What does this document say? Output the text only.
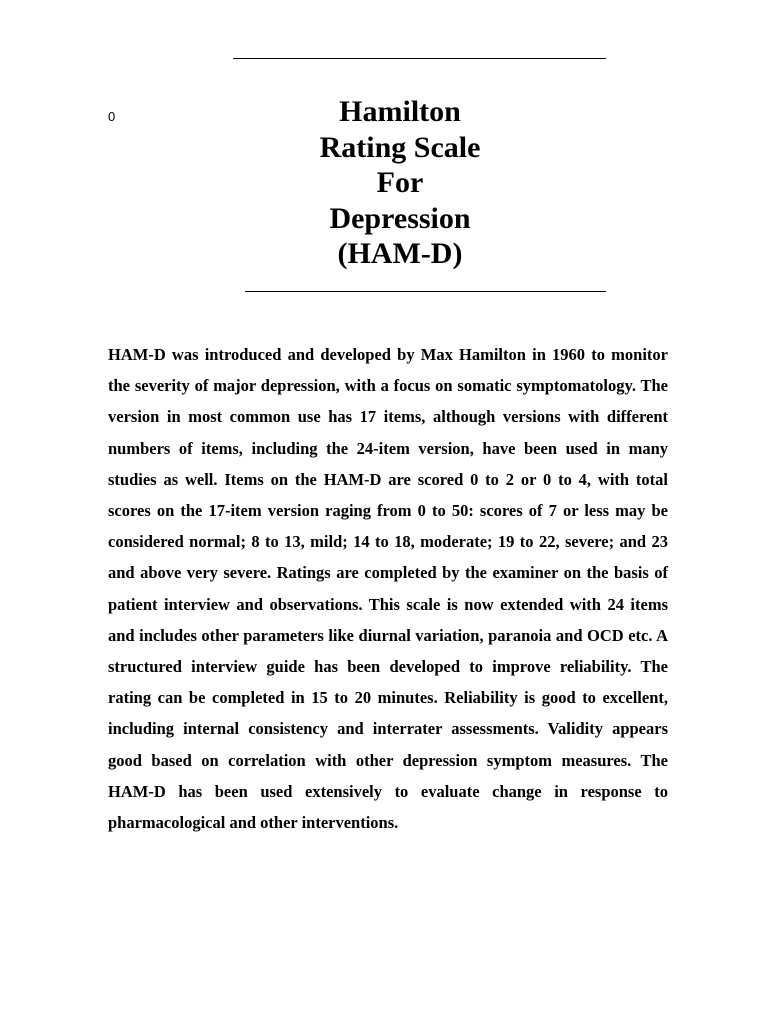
0	Hamilton
Rating Scale
For
Depression
(HAM-D)

HAM-D was introduced and developed by Max Hamilton in 1960 to monitor the severity of major depression, with a focus on somatic symptomatology. The version in most common use has 17 items, although versions with different numbers of items, including the 24-item version, have been used in many studies as well. Items on the HAM-D are scored 0 to 2 or 0 to 4, with total scores on the 17-item version raging from 0 to 50: scores of 7 or less may be considered normal; 8 to 13, mild; 14 to 18, moderate; 19 to 22, severe; and 23 and above very severe. Ratings are completed by the examiner on the basis of patient interview and observations. This scale is now extended with 24 items and includes other parameters like diurnal variation, paranoia and OCD etc. A structured interview guide has been developed to improve reliability. The rating can be completed in 15 to 20 minutes. Reliability is good to excellent, including internal consistency and interrater assessments. Validity appears good based on correlation with other depression symptom measures. The HAM-D has been used extensively to evaluate change in response to pharmacological and other interventions.
